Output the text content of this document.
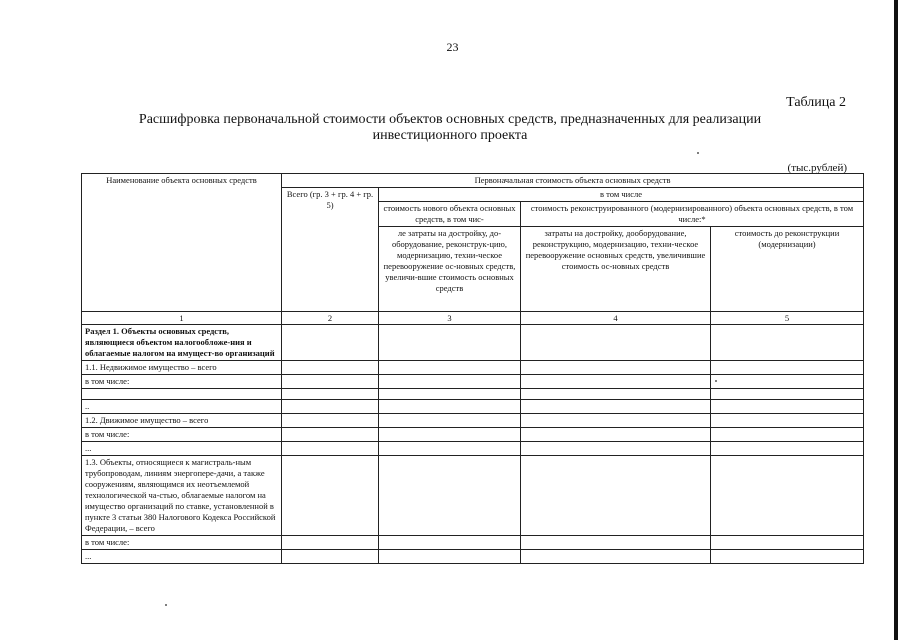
23
Таблица 2
Расшифровка первоначальной стоимости объектов основных средств, предназначенных для реализации инвестиционного проекта
(тыс.рублей)
Наименование объекта основных средств	Первоначальная стоимость объекта основных средств			
	Всего (гр. 3 + гр. 4 + гр. 5)	в том числе		
		стоимость нового объекта основных средств, в том чис-	стоимость реконструированного (модернизированного) объекта основных средств, в том числе:*	
		ле затраты на достройку, до-оборудование, реконструк-цию, модернизацию, техни-ческое перевооружение ос-новных средств, увеличи-вшие стоимость основных средств	затраты на достройку, дооборудование, реконструкцию, модернизацию, техни-ческое перевооружение основных средств, увеличившие стоимость ос-новных средств	стоимость до реконструкции (модернизации)
1	2	3	4	5
Раздел 1. Объекты основных средств, являющиеся объектом налогообложе-ния и облагаемые налогом на имущест-во организаций				
1.1. Недвижимое имущество – всего				
в том числе:				

..				
1.2. Движимое имущество – всего				
в том числе:				
...				
1.3. Объекты, относящиеся к магистраль-ным трубопроводам, линиям энергопере-дачи, а также сооружениям, являющимся их неотъемлемой технологической ча-стью, облагаемые налогом на имущество организаций по ставке, установленной в пункте 3 статьи 380 Налогового Кодекса Российской Федерации, – всего				
в том числе:				
...				
